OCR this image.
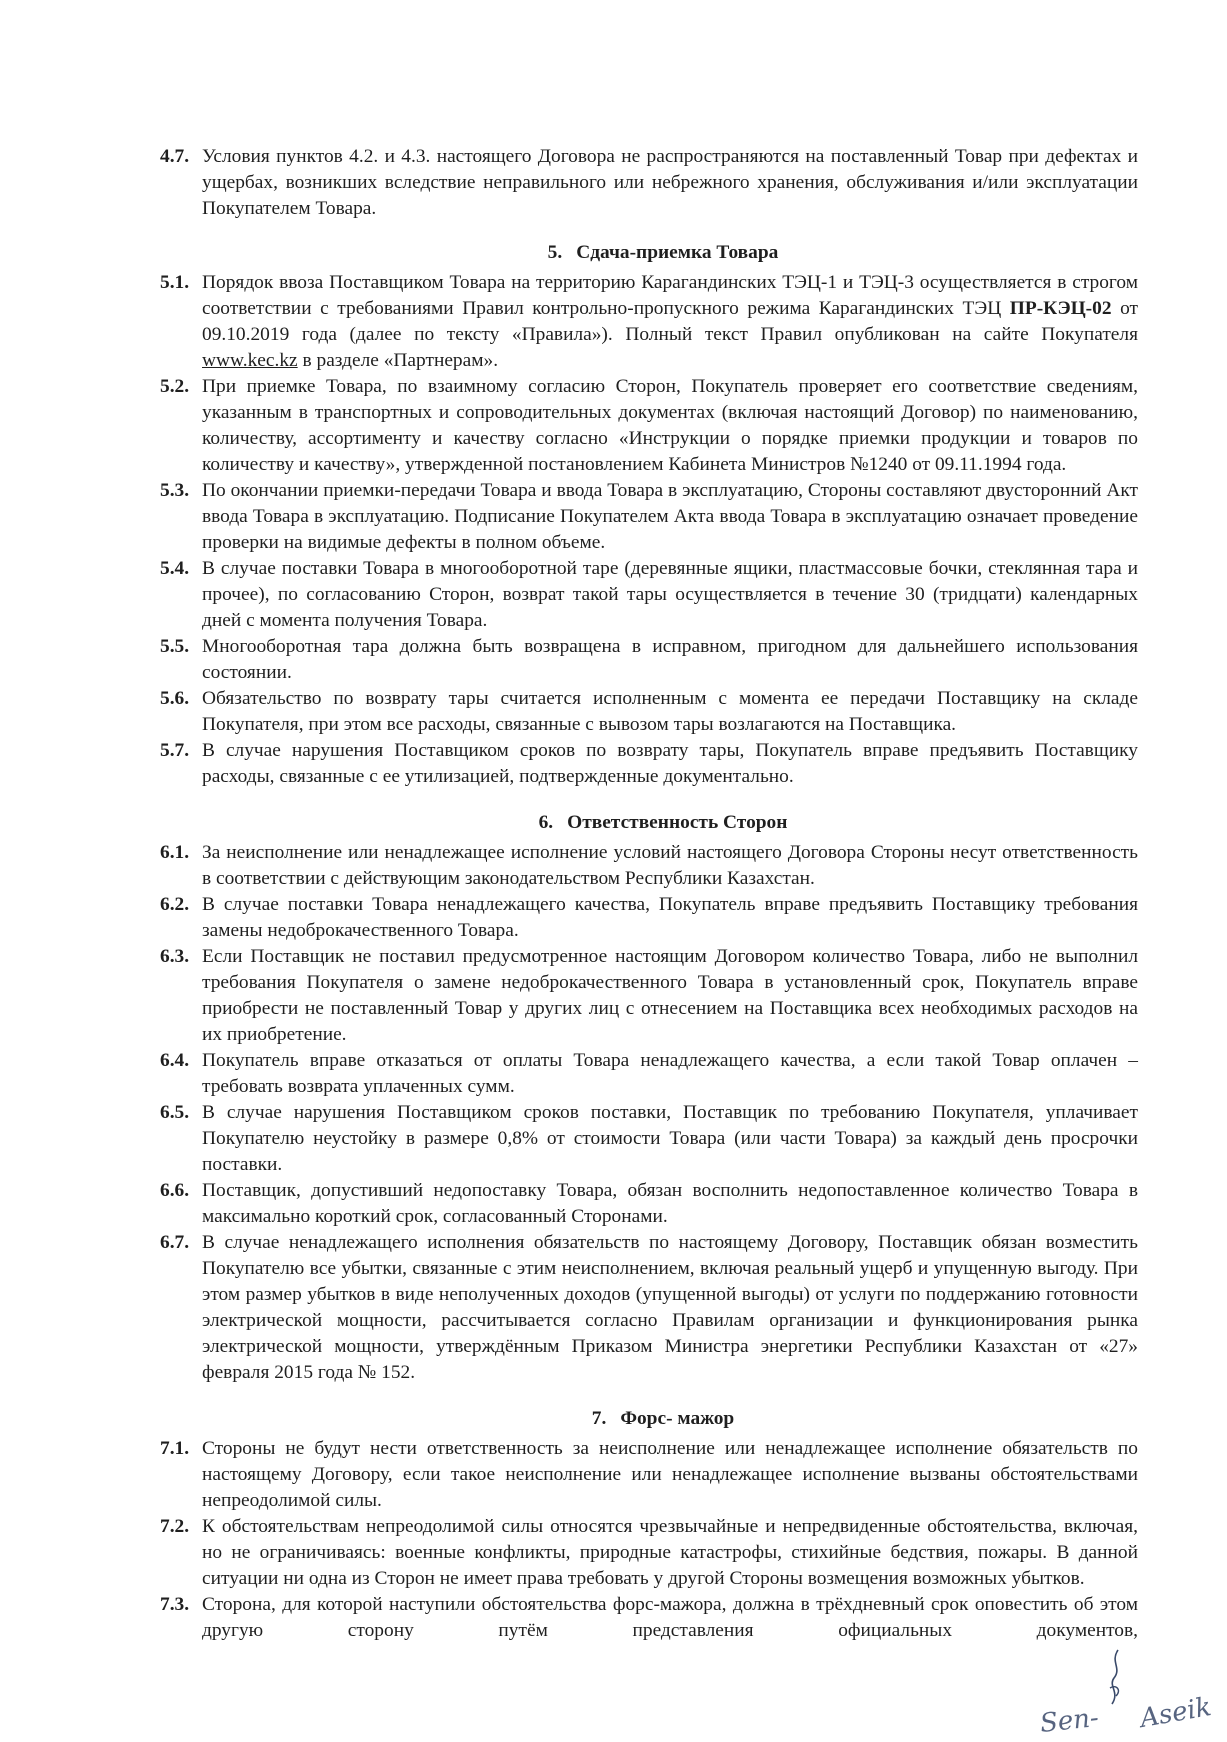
4.7. Условия пунктов 4.2. и 4.3. настоящего Договора не распространяются на поставленный Товар при дефектах и ущербах, возникших вследствие неправильного или небрежного хранения, обслуживания и/или эксплуатации Покупателем Товара.
5. Сдача-приемка Товара
5.1. Порядок ввоза Поставщиком Товара на территорию Карагандинских ТЭЦ-1 и ТЭЦ-3 осуществляется в строгом соответствии с требованиями Правил контрольно-пропускного режима Карагандинских ТЭЦ ПР-КЭЦ-02 от 09.10.2019 года (далее по тексту «Правила»). Полный текст Правил опубликован на сайте Покупателя www.kec.kz в разделе «Партнерам».
5.2. При приемке Товара, по взаимному согласию Сторон, Покупатель проверяет его соответствие сведениям, указанным в транспортных и сопроводительных документах (включая настоящий Договор) по наименованию, количеству, ассортименту и качеству согласно «Инструкции о порядке приемки продукции и товаров по количеству и качеству», утвержденной постановлением Кабинета Министров №1240 от 09.11.1994 года.
5.3. По окончании приемки-передачи Товара и ввода Товара в эксплуатацию, Стороны составляют двусторонний Акт ввода Товара в эксплуатацию. Подписание Покупателем Акта ввода Товара в эксплуатацию означает проведение проверки на видимые дефекты в полном объеме.
5.4. В случае поставки Товара в многооборотной таре (деревянные ящики, пластмассовые бочки, стеклянная тара и прочее), по согласованию Сторон, возврат такой тары осуществляется в течение 30 (тридцати) календарных дней с момента получения Товара.
5.5. Многооборотная тара должна быть возвращена в исправном, пригодном для дальнейшего использования состоянии.
5.6. Обязательство по возврату тары считается исполненным с момента ее передачи Поставщику на складе Покупателя, при этом все расходы, связанные с вывозом тары возлагаются на Поставщика.
5.7. В случае нарушения Поставщиком сроков по возврату тары, Покупатель вправе предъявить Поставщику расходы, связанные с ее утилизацией, подтвержденные документально.
6. Ответственность Сторон
6.1. За неисполнение или ненадлежащее исполнение условий настоящего Договора Стороны несут ответственность в соответствии с действующим законодательством Республики Казахстан.
6.2. В случае поставки Товара ненадлежащего качества, Покупатель вправе предъявить Поставщику требования замены недоброкачественного Товара.
6.3. Если Поставщик не поставил предусмотренное настоящим Договором количество Товара, либо не выполнил требования Покупателя о замене недоброкачественного Товара в установленный срок, Покупатель вправе приобрести не поставленный Товар у других лиц с отнесением на Поставщика всех необходимых расходов на их приобретение.
6.4. Покупатель вправе отказаться от оплаты Товара ненадлежащего качества, а если такой Товар оплачен – требовать возврата уплаченных сумм.
6.5. В случае нарушения Поставщиком сроков поставки, Поставщик по требованию Покупателя, уплачивает Покупателю неустойку в размере 0,8% от стоимости Товара (или части Товара) за каждый день просрочки поставки.
6.6. Поставщик, допустивший недопоставку Товара, обязан восполнить недопоставленное количество Товара в максимально короткий срок, согласованный Сторонами.
6.7. В случае ненадлежащего исполнения обязательств по настоящему Договору, Поставщик обязан возместить Покупателю все убытки, связанные с этим неисполнением, включая реальный ущерб и упущенную выгоду. При этом размер убытков в виде неполученных доходов (упущенной выгоды) от услуги по поддержанию готовности электрической мощности, рассчитывается согласно Правилам организации и функционирования рынка электрической мощности, утверждённым Приказом Министра энергетики Республики Казахстан от «27» февраля 2015 года № 152.
7. Форс- мажор
7.1. Стороны не будут нести ответственность за неисполнение или ненадлежащее исполнение обязательств по настоящему Договору, если такое неисполнение или ненадлежащее исполнение вызваны обстоятельствами непреодолимой силы.
7.2. К обстоятельствам непреодолимой силы относятся чрезвычайные и непредвиденные обстоятельства, включая, но не ограничиваясь: военные конфликты, природные катастрофы, стихийные бедствия, пожары. В данной ситуации ни одна из Сторон не имеет права требовать у другой Стороны возмещения возможных убытков.
7.3. Сторона, для которой наступили обстоятельства форс-мажора, должна в трёхдневный срок оповестить об этом другую сторону путём представления официальных документов,
Sen- Aseik
